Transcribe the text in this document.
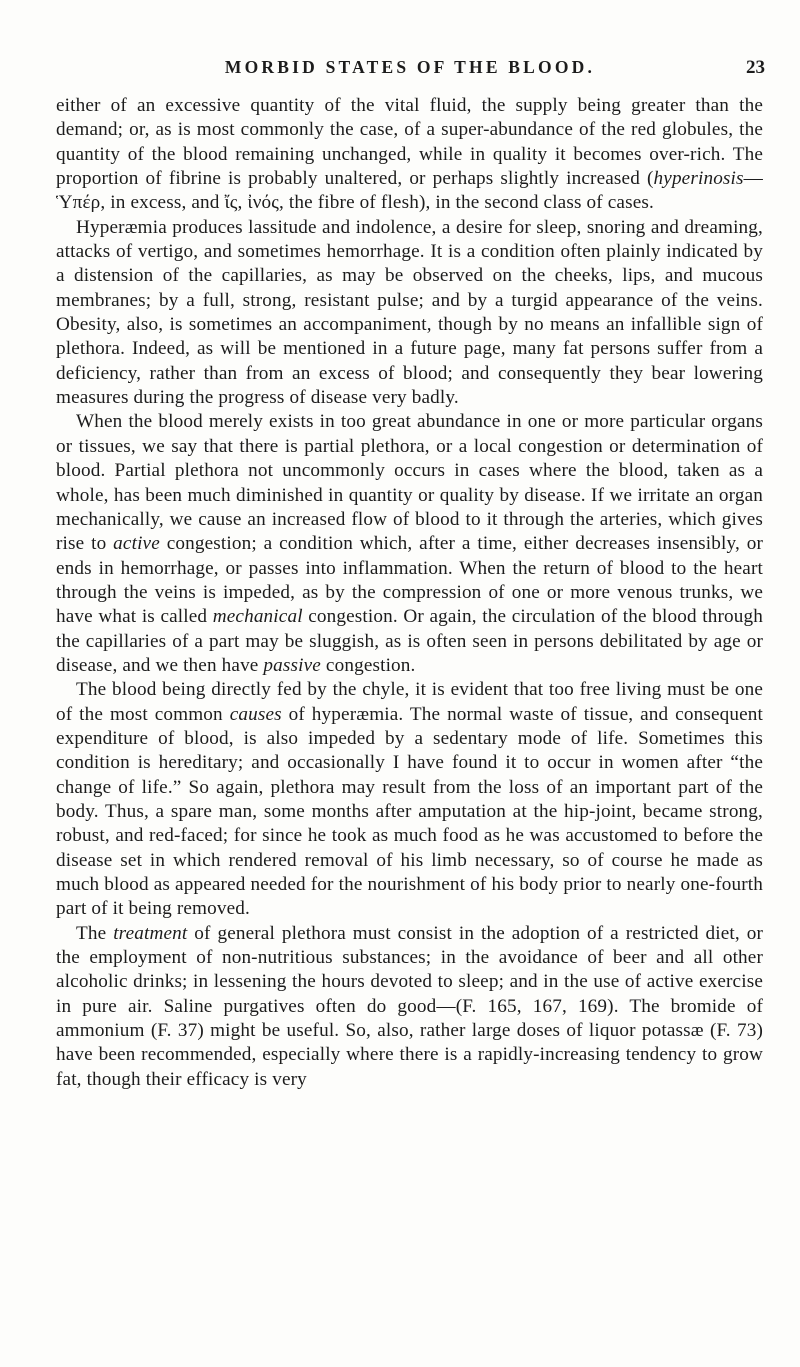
MORBID STATES OF THE BLOOD.	23

either of an excessive quantity of the vital fluid, the supply being greater than the demand; or, as is most commonly the case, of a super-abundance of the red globules, the quantity of the blood remaining unchanged, while in quality it becomes over-rich. The proportion of fibrine is probably unaltered, or perhaps slightly increased (hyperinosis—Ὑπέρ, in excess, and ἴς, ἰνός, the fibre of flesh), in the second class of cases.

Hyperæmia produces lassitude and indolence, a desire for sleep, snoring and dreaming, attacks of vertigo, and sometimes hemorrhage. It is a condition often plainly indicated by a distension of the capillaries, as may be observed on the cheeks, lips, and mucous membranes; by a full, strong, resistant pulse; and by a turgid appearance of the veins. Obesity, also, is sometimes an accompaniment, though by no means an infallible sign of plethora. Indeed, as will be mentioned in a future page, many fat persons suffer from a deficiency, rather than from an excess of blood; and consequently they bear lowering measures during the progress of disease very badly.

When the blood merely exists in too great abundance in one or more particular organs or tissues, we say that there is partial plethora, or a local congestion or determination of blood. Partial plethora not uncommonly occurs in cases where the blood, taken as a whole, has been much diminished in quantity or quality by disease. If we irritate an organ mechanically, we cause an increased flow of blood to it through the arteries, which gives rise to active congestion; a condition which, after a time, either decreases insensibly, or ends in hemorrhage, or passes into inflammation. When the return of blood to the heart through the veins is impeded, as by the compression of one or more venous trunks, we have what is called mechanical congestion. Or again, the circulation of the blood through the capillaries of a part may be sluggish, as is often seen in persons debilitated by age or disease, and we then have passive congestion.

The blood being directly fed by the chyle, it is evident that too free living must be one of the most common causes of hyperæmia. The normal waste of tissue, and consequent expenditure of blood, is also impeded by a sedentary mode of life. Sometimes this condition is hereditary; and occasionally I have found it to occur in women after “the change of life.” So again, plethora may result from the loss of an important part of the body. Thus, a spare man, some months after amputation at the hip-joint, became strong, robust, and red-faced; for since he took as much food as he was accustomed to before the disease set in which rendered removal of his limb necessary, so of course he made as much blood as appeared needed for the nourishment of his body prior to nearly one-fourth part of it being removed.

The treatment of general plethora must consist in the adoption of a restricted diet, or the employment of non-nutritious substances; in the avoidance of beer and all other alcoholic drinks; in lessening the hours devoted to sleep; and in the use of active exercise in pure air. Saline purgatives often do good—(F. 165, 167, 169). The bromide of ammonium (F. 37) might be useful. So, also, rather large doses of liquor potassæ (F. 73) have been recommended, especially where there is a rapidly-increasing tendency to grow fat, though their efficacy is very
